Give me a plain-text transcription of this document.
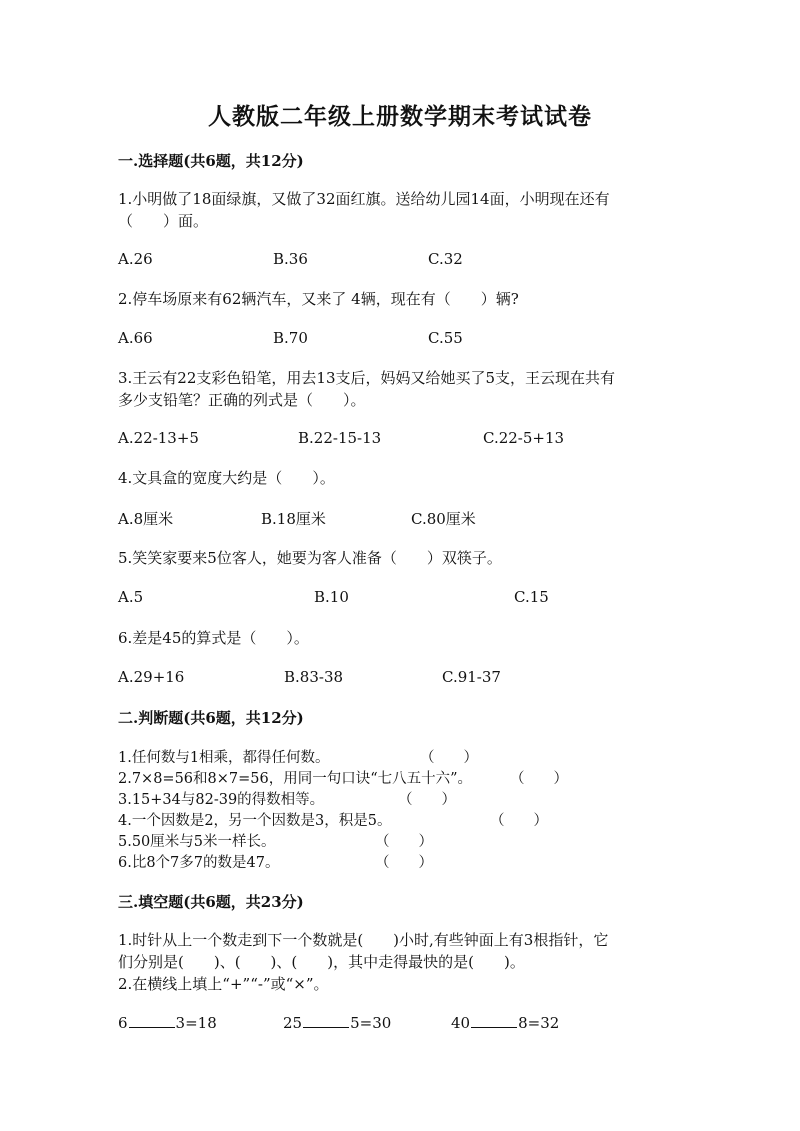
人教版二年级上册数学期末考试试卷
一.选择题(共6题，共12分)
1.小明做了18面绿旗，又做了32面红旗。送给幼儿园14面，小明现在还有
（　　）面。
A.26	B.36	C.32
2.停车场原来有62辆汽车，又来了 4辆，现在有（　　）辆?
A.66	B.70	C.55
3.王云有22支彩色铅笔，用去13支后，妈妈又给她买了5支，王云现在共有
多少支铅笔？正确的列式是（　　）。
A.22-13+5	B.22-15-13	C.22-5+13
4.文具盒的宽度大约是（　　）。
A.8厘米	B.18厘米	C.80厘米
5.笑笑家要来5位客人，她要为客人准备（　　）双筷子。
A.5	B.10	C.15
6.差是45的算式是（　　）。
A.29+16	B.83-38	C.91-37
二.判断题(共6题，共12分)
1.任何数与1相乘，都得任何数。	（　　）
2.7×8=56和8×7=56，用同一句口诀“七八五十六”。	（　　）
3.15+34与82-39的得数相等。	（　　）
4.一个因数是2，另一个因数是3，积是5。	（　　）
5.50厘米与5米一样长。	（　　）
6.比8个7多7的数是47。	（　　）
三.填空题(共6题，共23分)
1.时针从上一个数走到下一个数就是(　　)小时,有些钟面上有3根指针，它
们分别是(　　)、(　　)、(　　)，其中走得最快的是(　　)。
2.在横线上填上“+”“-”或“×”。
6	3=18	25	5=30	40	8=32
